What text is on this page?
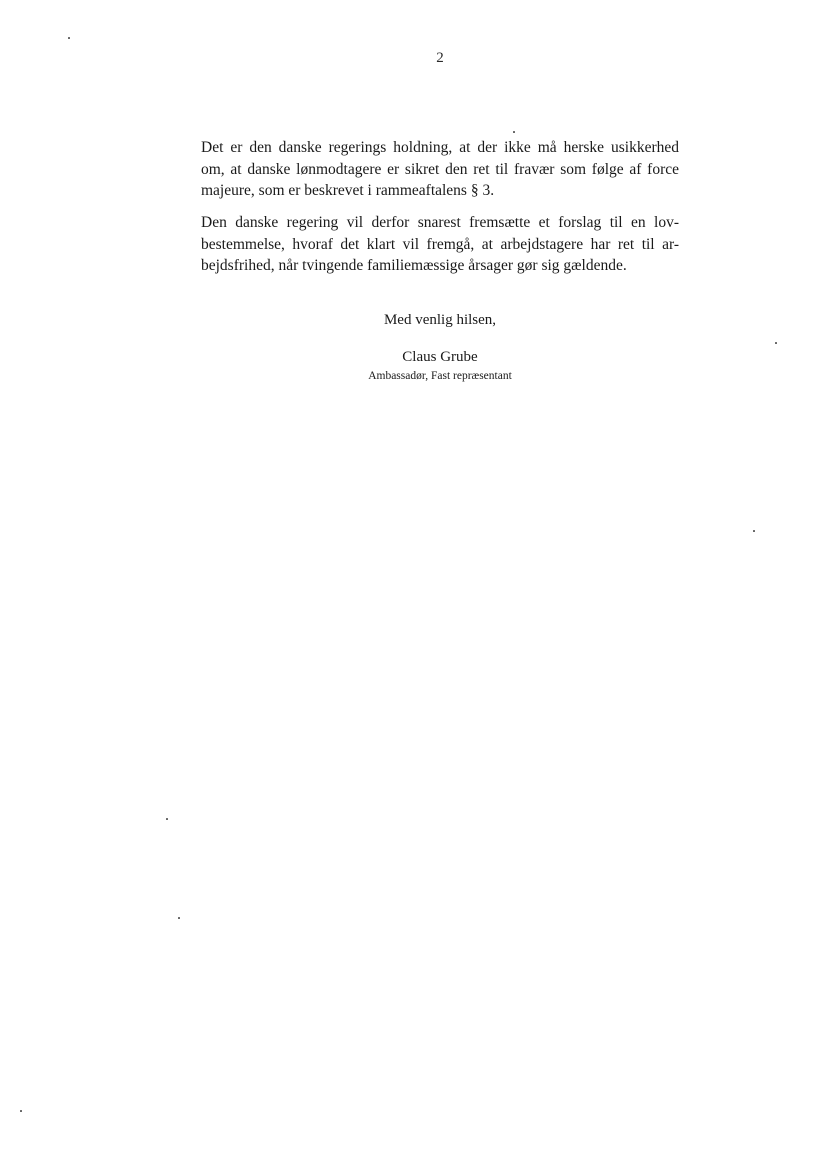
2

Det er den danske regerings holdning, at der ikke må herske usikkerhed
om, at danske lønmodtagere er sikret den ret til fravær som følge af force
majeure, som er beskrevet i rammeaftalens § 3.

Den danske regering vil derfor snarest fremsætte et forslag til en lov-
bestemmelse, hvoraf det klart vil fremgå, at arbejdstagere har ret til ar-
bejdsfrihed, når tvingende familiemæssige årsager gør sig gældende.

Med venlig hilsen,
Claus Grube
Ambassadør, Fast repræsentant
